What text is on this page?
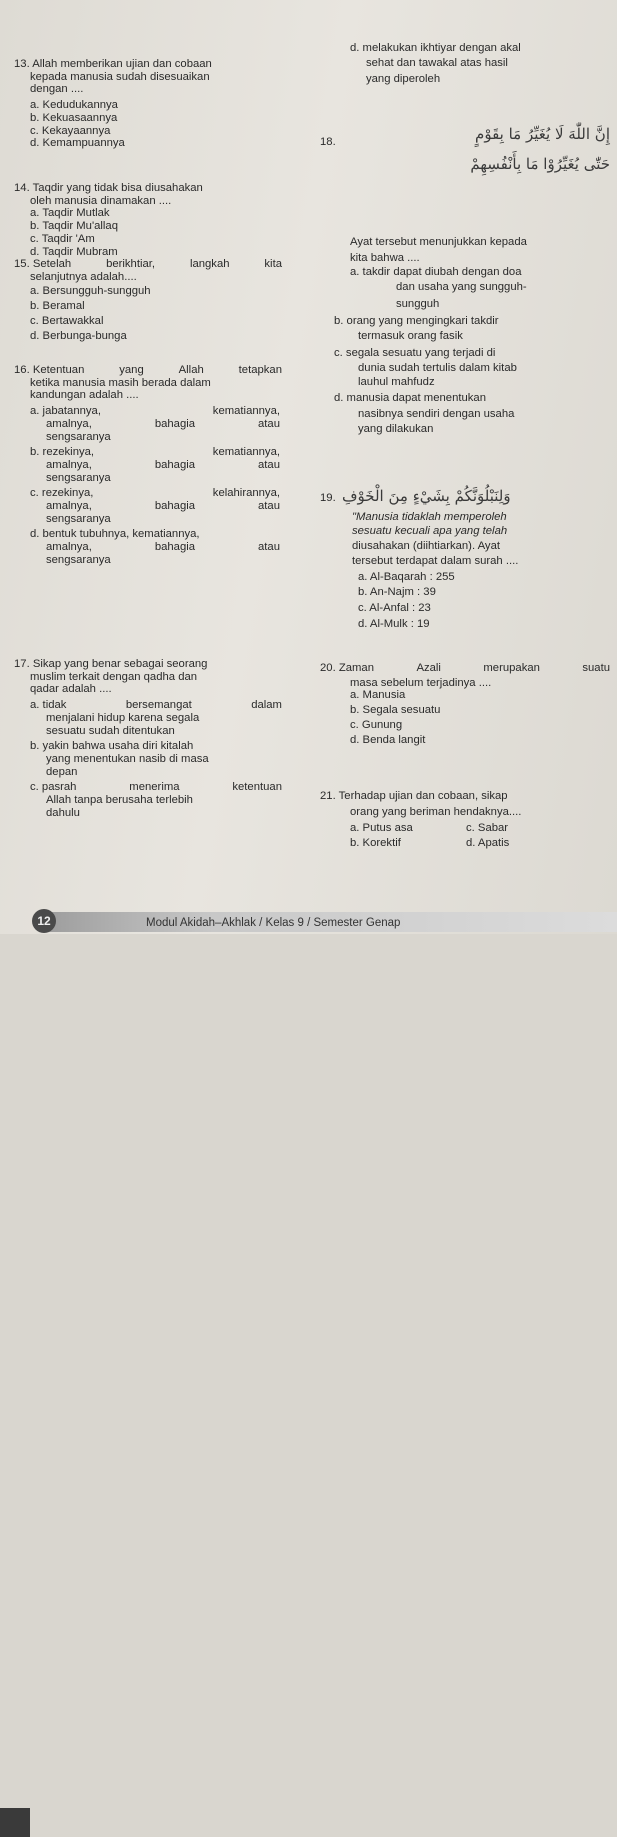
13. Allah memberikan ujian dan cobaan
kepada manusia sudah disesuaikan
dengan ....
a. Kedudukannya
b. Kekuasaannya
c. Kekayaannya
d. Kemampuannya
14. Taqdir yang tidak bisa diusahakan
oleh manusia dinamakan ....
a. Taqdir Mutlak
b. Taqdir Mu'allaq
c. Taqdir 'Am
d. Taqdir Mubram
15. Setelah	berikhtiar,	langkah	kita
selanjutnya adalah....
a. Bersungguh-sungguh
b. Beramal
c. Bertawakkal
d. Berbunga-bunga
16. Ketentuan	yang	Allah	tetapkan
ketika manusia masih berada dalam
kandungan adalah ....
a. jabatannya,	kematiannya,
amalnya,	bahagia	atau
sengsaranya
b. rezekinya,	kematiannya,
amalnya,	bahagia	atau
sengsaranya
c. rezekinya,	kelahirannya,
amalnya,	bahagia	atau
sengsaranya
d. bentuk tubuhnya, kematiannya,
amalnya,	bahagia	atau
sengsaranya
17. Sikap yang benar sebagai seorang
muslim terkait dengan qadha dan
qadar adalah ....
a. tidak	bersemangat	dalam
menjalani hidup karena segala
sesuatu sudah ditentukan
b. yakin bahwa usaha diri kitalah
yang menentukan nasib di masa
depan
c. pasrah	menerima	ketentuan
Allah tanpa berusaha terlebih
dahulu
d. melakukan ikhtiyar dengan akal
sehat dan tawakal atas hasil
yang diperoleh
18.	إِنَّ اللّٰهَ لَا يُغَيِّرُ مَا بِقَوْمٍ
حَتّٰى يُغَيِّرُوْا مَا بِأَنْفُسِهِمْ
Ayat tersebut menunjukkan kepada
kita bahwa ....
a. takdir dapat diubah dengan doa
dan usaha yang sungguh-
sungguh
b. orang yang mengingkari takdir
termasuk orang fasik
c. segala sesuatu yang terjadi di
dunia sudah tertulis dalam kitab
lauhul mahfudz
d. manusia dapat menentukan
nasibnya sendiri dengan usaha
yang dilakukan
19. وَلِنَبْلُوَنَّكُمْ بِشَيْءٍ مِنَ الْخَوْفِ
"Manusia tidaklah memperoleh
sesuatu kecuali apa yang telah
diusahakan (diihtiarkan). Ayat
tersebut terdapat dalam surah ....
a. Al-Baqarah : 255
b. An-Najm : 39
c. Al-Anfal : 23
d. Al-Mulk : 19
20. Zaman	Azali	merupakan	suatu
masa sebelum terjadinya ....
a. Manusia
b. Segala sesuatu
c. Gunung
d. Benda langit
21. Terhadap ujian dan cobaan, sikap
orang yang beriman hendaknya....
a. Putus asa	c. Sabar
b. Korektif	d. Apatis
12	Modul Akidah–Akhlak / Kelas 9 / Semester Genap
